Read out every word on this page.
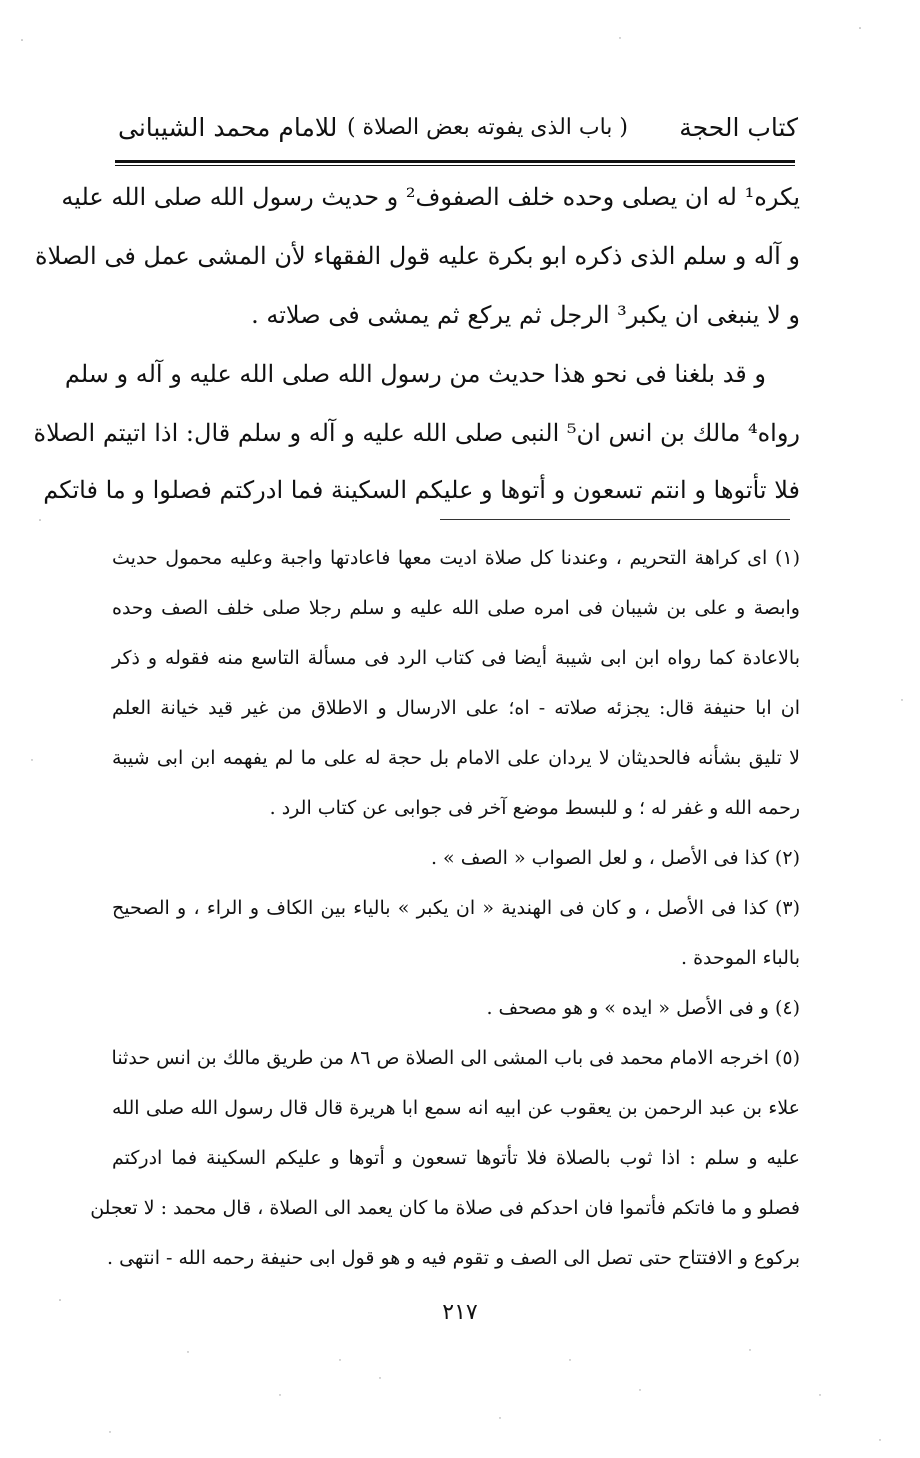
كتاب الحجة
( باب الذى يفوته بعض الصلاة )
للامام محمد الشيبانى
يكره¹ له ان يصلى وحده خلف الصفوف² و حديث رسول الله صلى الله عليه
و آله و سلم الذى ذكره ابو بكرة عليه قول الفقهاء لأن المشى عمل فى الصلاة
و لا ينبغى ان يكبر³ الرجل ثم يركع ثم يمشى فى صلاته .
و قد بلغنا فى نحو هذا حديث من رسول الله صلى الله عليه و آله و سلم
رواه⁴ مالك بن انس ان⁵ النبى صلى الله عليه و آله و سلم قال: اذا اتيتم الصلاة
فلا تأتوها و انتم تسعون و أتوها و عليكم السكينة فما ادركتم فصلوا و ما فاتكم
(١) اى كراهة التحريم ، وعندنا كل صلاة اديت معها فاعادتها واجبة وعليه محمول حديث
وابصة و على بن شيبان فى امره صلى الله عليه و سلم رجلا صلى خلف الصف وحده
بالاعادة كما رواه ابن ابى شيبة أيضا فى كتاب الرد فى مسألة التاسع منه فقوله و ذكر
ان ابا حنيفة قال: يجزئه صلاته - اه؛ على الارسال و الاطلاق من غير قيد خيانة العلم
لا تليق بشأنه فالحديثان لا يردان على الامام بل حجة له على ما لم يفهمه ابن ابى شيبة
رحمه الله و غفر له ؛ و للبسط موضع آخر فى جوابى عن كتاب الرد .
(٢) كذا فى الأصل ، و لعل الصواب « الصف » .
(٣) كذا فى الأصل ، و كان فى الهندية « ان يكبر » بالياء بين الكاف و الراء ، و الصحيح
بالباء الموحدة .
(٤) و فى الأصل « ايده » و هو مصحف .
(٥) اخرجه الامام محمد فى باب المشى الى الصلاة ص ٨٦ من طريق مالك بن انس حدثنا
علاء بن عبد الرحمن بن يعقوب عن ابيه انه سمع ابا هريرة قال قال رسول الله صلى الله
عليه و سلم : اذا ثوب بالصلاة فلا تأتوها تسعون و أتوها و عليكم السكينة فما ادركتم
فصلو و ما فاتكم فأتموا فان احدكم فى صلاة ما كان يعمد الى الصلاة ، قال محمد : لا تعجلن
بركوع و الافتتاح حتى تصل الى الصف و تقوم فيه و هو قول ابى حنيفة رحمه الله - انتهى .
٢١٧
